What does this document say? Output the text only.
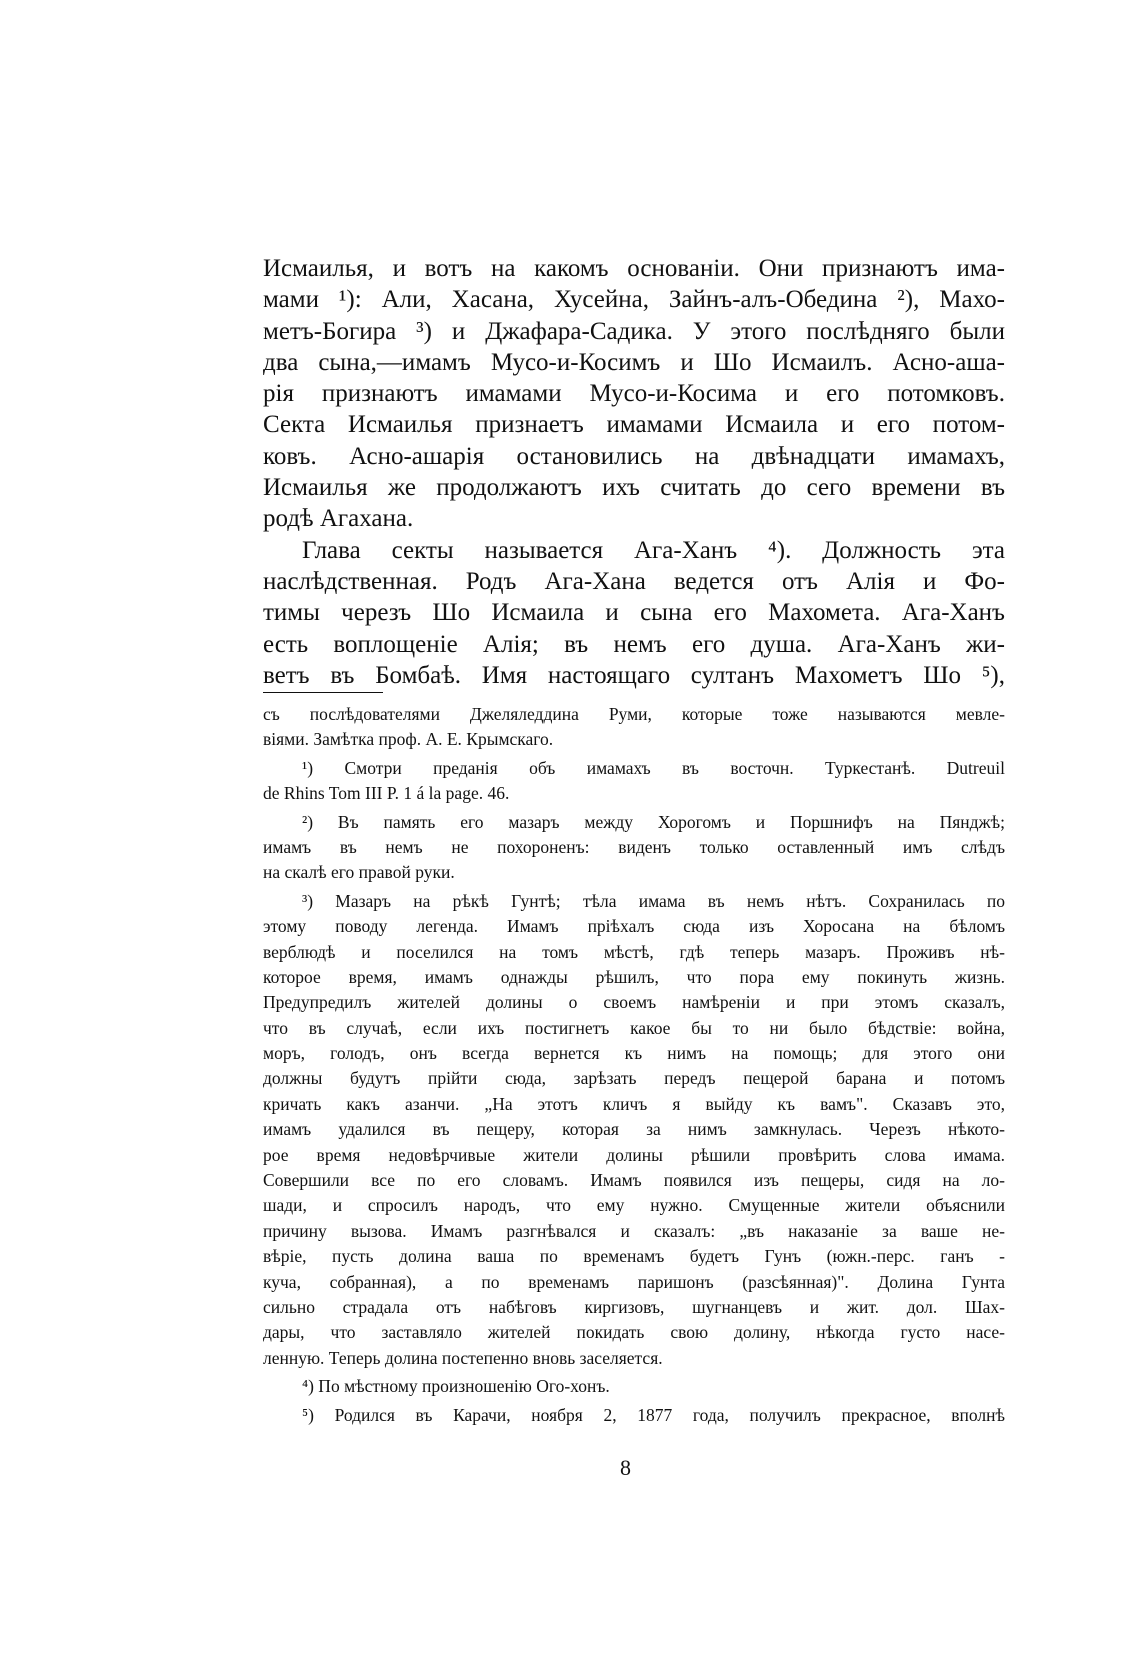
Исмаилья, и вотъ на какомъ основаніи. Они признаютъ има-
мами ¹): Али, Хасана, Хусейна, Зайнъ-алъ-Обедина ²), Махо-
метъ-Богира ³) и Джафара-Садика. У этого послѣдняго были
два сына,—имамъ Мусо-и-Косимъ и Шо Исмаилъ. Асно-аша-
рія признаютъ имамами Мусо-и-Косима и его потомковъ.
Секта Исмаилья признаетъ имамами Исмаила и его потом-
ковъ. Асно-ашарія остановились на двѣнадцати имамахъ,
Исмаилья же продолжаютъ ихъ считать до сего времени въ
родѣ Агахана.
Глава секты называется Ага-Ханъ ⁴). Должность эта
наслѣдственная. Родъ Ага-Хана ведется отъ Алія и Фо-
тимы черезъ Шо Исмаила и сына его Махомета. Ага-Ханъ
есть воплощеніе Алія; въ немъ его душа. Ага-Ханъ жи-
ветъ въ Бомбаѣ. Имя настоящаго султанъ Махометъ Шо ⁵),
съ послѣдователями Джеляледдина Руми, которые тоже называются мевле-
віями. Замѣтка проф. А. Е. Крымскаго.
¹) Смотри преданія объ имамахъ въ восточн. Туркестанѣ. Dutreuil
de Rhins Tom III P. 1 á la page. 46.
²) Въ память его мазаръ между Хорогомъ и Поршнифъ на Пянджѣ;
имамъ въ немъ не похороненъ: виденъ только оставленный имъ слѣдъ
на скалѣ его правой руки.
³) Мазаръ на рѣкѣ Гунтѣ; тѣла имама въ немъ нѣтъ. Сохранилась по
этому поводу легенда. Имамъ пріѣхалъ сюда изъ Хоросана на бѣломъ
верблюдѣ и поселился на томъ мѣстѣ, гдѣ теперь мазаръ. Проживъ нѣ-
которое время, имамъ однажды рѣшилъ, что пора ему покинуть жизнь.
Предупредилъ жителей долины о своемъ намѣреніи и при этомъ сказалъ,
что въ случаѣ, если ихъ постигнетъ какое бы то ни было бѣдствіе: война,
моръ, голодъ, онъ всегда вернется къ нимъ на помощь; для этого они
должны будутъ прійти сюда, зарѣзать передъ пещерой барана и потомъ
кричать какъ азанчи. „На этотъ кличъ я выйду къ вамъ". Сказавъ это,
имамъ удалился въ пещеру, которая за нимъ замкнулась. Черезъ нѣкото-
рое время недовѣрчивые жители долины рѣшили провѣрить слова имама.
Совершили все по его словамъ. Имамъ появился изъ пещеры, сидя на ло-
шади, и спросилъ народъ, что ему нужно. Смущенные жители объяснили
причину вызова. Имамъ разгнѣвался и сказалъ: „въ наказаніе за ваше не-
вѣріе, пусть долина ваша по временамъ будетъ Гунъ (южн.-перс. ганъ -
куча, собранная), а по временамъ паришонъ (разсѣянная)". Долина Гунта
сильно страдала отъ набѣговъ киргизовъ, шугнанцевъ и жит. дол. Шах-
дары, что заставляло жителей покидать свою долину, нѣкогда густо насе-
ленную. Теперь долина постепенно вновь заселяется.
⁴) По мѣстному произношенію Ого-хонъ.
⁵) Родился въ Карачи, ноября 2, 1877 года, получилъ прекрасное, вполнѣ
8
